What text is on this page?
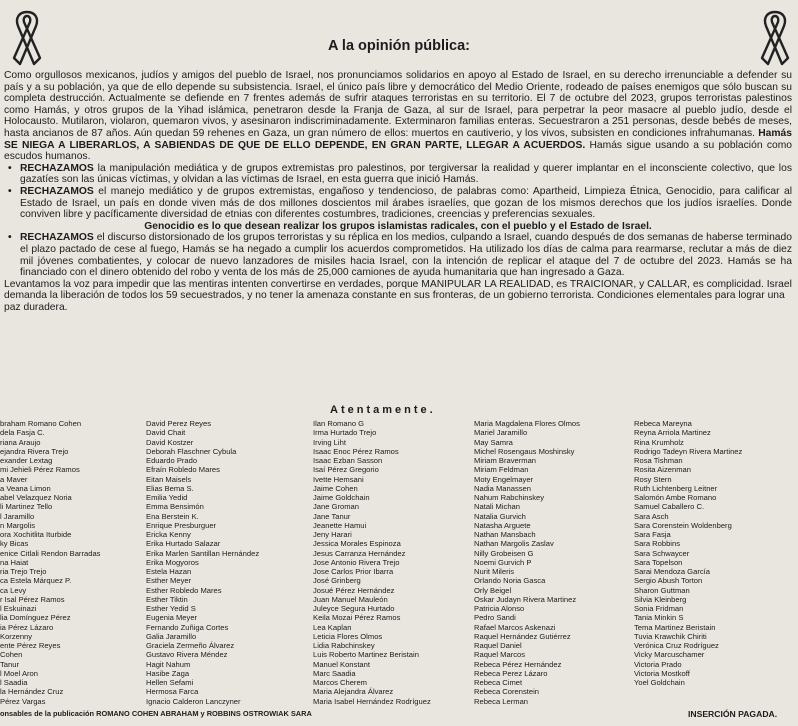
A la opinión pública:

Como orgullosos mexicanos, judíos y amigos del pueblo de Israel, nos pronunciamos solidarios en apoyo al Estado de Israel, en su derecho irrenunciable a defender su país y a su población, ya que de ello depende su subsistencia. Israel, el único país libre y democrático del Medio Oriente, rodeado de países enemigos que sólo buscan su completa destrucción. Actualmente se defiende en 7 frentes además de sufrir ataques terroristas en su territorio. El 7 de octubre del 2023, grupos terroristas palestinos como Hamás, y otros grupos de la Yihad islámica, penetraron desde la Franja de Gaza, al sur de Israel, para perpetrar la peor masacre al pueblo judío, desde el Holocausto. Mutilaron, violaron, quemaron vivos, y asesinaron indiscriminadamente. Exterminaron familias enteras. Secuestraron a 251 personas, desde bebés de meses, hasta ancianos de 87 años. Aún quedan 59 rehenes en Gaza, un gran número de ellos: muertos en cautiverio, y los vivos, subsisten en condiciones infrahumanas. Hamás SE NIEGA A LIBERARLOS, A SABIENDAS DE QUE DE ELLO DEPENDE, EN GRAN PARTE, LLEGAR A ACUERDOS. Hamás sigue usando a su población como escudos humanos.

• RECHAZAMOS la manipulación mediática y de grupos extremistas pro palestinos, por tergiversar la realidad y querer implantar en el inconsciente colectivo, que los gazatíes son las únicas víctimas, y olvidan a las víctimas de Israel, en esta guerra que inició Hamás.

• RECHAZAMOS el manejo mediático y de grupos extremistas, engañoso y tendencioso, de palabras como: Apartheid, Limpieza Étnica, Genocidio, para calificar al Estado de Israel, un país en donde viven más de dos millones doscientos mil árabes israelíes, que gozan de los mismos derechos que los judíos israelíes. Donde conviven libre y pacíficamente diversidad de etnias con diferentes costumbres, tradiciones, creencias y preferencias sexuales.

Genocidio es lo que desean realizar los grupos islamistas radicales, con el pueblo y el Estado de Israel.

• RECHAZAMOS el discurso distorsionado de los grupos terroristas y su réplica en los medios, culpando a Israel, cuando después de dos semanas de haberse terminado el plazo pactado de cese al fuego, Hamás se ha negado a cumplir los acuerdos comprometidos. Ha utilizado los días de calma para rearmarse, reclutar a más de diez mil jóvenes combatientes, y colocar de nuevo lanzadores de misiles hacia Israel, con la intención de replicar el ataque del 7 de octubre del 2023. Hamás se ha financiado con el dinero obtenido del robo y venta de los más de 25,000 camiones de ayuda humanitaria que han ingresado a Gaza.

Levantamos la voz para impedir que las mentiras intenten convertirse en verdades, porque MANIPULAR LA REALIDAD, es TRAICIONAR, y CALLAR, es complicidad. Israel demanda la liberación de todos los 59 secuestrados, y no tener la amenaza constante en sus fronteras, de un gobierno terrorista. Condiciones elementales para lograr una paz duradera.

Atentamente.
braham Romano Cohen
dela Fasja C.
riana Araujo
ejandra Rivera Trejo
exander Lextag
mi Jehieli Pérez Ramos
a Maver
a Veana Limon
abel Velazquez Noria
li Martinez Tello
l Jaramillo
n Margolis
ora Xochitlita Iturbide
ky Bicas
enice Citlali Rendon Barradas
na Haiat
ria Trejo Trejo
ca Estela Márquez P.
ca Levy
r Isal Pérez Ramos
l Eskuinazi
lia Domínguez Pérez
ia Pérez Lázaro
Korzenny
ente Pérez Reyes
Cohen
Tanur
l Moel Aron
l Saadia
la Hernández Cruz
Pérez Vargas
David Perez Reyes
David Chait
David Kostzer
Deborah Flaschner Cybula
Eduardo Prado
Efraín Robledo Mares
Eitan Maisels
Elias Bema S.
Emilia Yedid
Emma Bensimón
Ena Berstein K.
Enrique Presburguer
Ericka Kenny
Erika Hurtado Salazar
Erika Marlen Santillan Hernández
Erika Mogyoros
Estela Hazan
Esther Meyer
Esther Robledo Mares
Esther Tiktin
Esther Yedid S
Eugenia Meyer
Fernando Zuñiga Cortes
Galia Jaramillo
Graciela Zermeño Álvarez
Gustavo Rivera Méndez
Hagit Nahum
Hasibe Zaga
Hellen Sefami
Hermosa Farca
Ignacio Calderon Lanczyner
Ilan Romano G
Irma Hurtado Trejo
Irving Liht
Isaac Enoc Pérez Ramos
Isaac Ezban Sasson
Isaí Pérez Gregorio
Ivette Hemsani
Jaime Cohen
Jaime Goldchain
Jane Groman
Jane Tanur
Jeanette Hamui
Jeny Harari
Jessica Morales Espinoza
Jesus Carranza Hernández
Jose Antonio Rivera Trejo
Jose Carlos Prior Ibarra
José Grinberg
Josué Pérez Hernández
Juan Manuel Mauleón
Juleyce Segura Hurtado
Keila Mozai Pérez Ramos
Lea Kaplan
Leticia Flores Olmos
Lidia Rabchinskey
Luis Roberto Martinez Beristain
Manuel Konstant
Marc Saadia
Marcos Cherem
Maria Alejandra Álvarez
Maria Isabel Hernández Rodríguez
Maria Magdalena Flores Olmos
Mariel Jaramillo
May Samra
Michel Rosengaus Moshinsky
Miriam Braverman
Miriam Feldman
Moty Engelmayer
Nadia Manassen
Nahum Rabchinskey
Natali Michan
Natalia Gurvich
Natasha Arguete
Nathan Mansbach
Nathan Margolis Zaslav
Nilly Grobeisen G
Noemi Gurvich P
Nurit Mileris
Orlando Noria Gasca
Orly Beigel
Oskar Judayn Rivera Martinez
Patricia Alonso
Pedro Sandi
Rafael Marcos Askenazi
Raquel Hernández Gutiérrez
Raquel Daniel
Raquel Marcos
Rebeca Pérez Hernández
Rebeca Perez Lázaro
Rebeca Cimet
Rebeca Corenstein
Rebeca Lerman
Rebeca Mareyna
Reyna Arriola Martinez
Rina Krumholz
Rodrigo Tadeyn Rivera Martinez
Rosa Tishman
Rosita Aizenman
Rosy Stern
Ruth Lichtenberg Leitner
Salomón Ambe Romano
Samuel Caballero C.
Sara Asch
Sara Corenstein Woldenberg
Sara Fasja
Sara Robbins
Sara Schwaycer
Sara Topelson
Sarai Mendoza García
Sergio Abush Torton
Sharon Guttman
Silvia Kleinberg
Sonia Fridman
Tania Minkin S
Tema Martinez Beristain
Tuvia Krawchik Chiriti
Verónica Cruz Rodríguez
Vicky Marcuschamer
Victoria Prado
Victoria Mostkoff
Yoel Goldchain
onsables de la publicación ROMANO COHEN ABRAHAM y ROBBINS OSTROWIAK SARA	INSERCIÓN PAGADA.
